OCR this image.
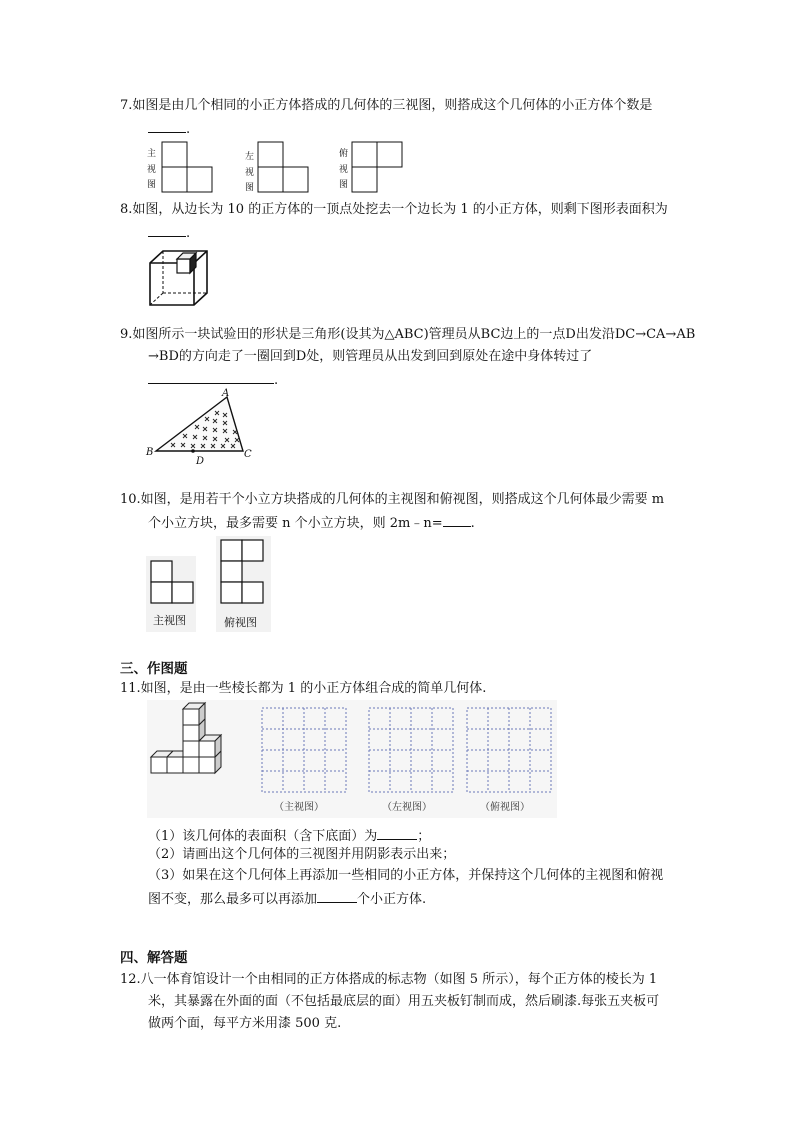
7.如图是由几个相同的小正方体搭成的几何体的三视图，则搭成这个几何体的小正方体个数是
.
主
视
图
左
视
图
俯
视
图
8.如图，从边长为 10 的正方体的一顶点处挖去一个边长为 1 的小正方体，则剩下图形表面积为
.
9.如图所示一块试验田的形状是三角形(设其为△ABC)管理员从BC边上的一点D出发沿DC→CA→AB
→BD的方向走了一圈回到D处，则管理员从出发到回到原处在途中身体转过了
.
A
B	C
D
10.如图，是用若干个小立方块搭成的几何体的主视图和俯视图，则搭成这个几何体最少需要 m
个小立方块，最多需要 n 个小立方块，则 2m﹣n= .
主视图	俯视图
三、作图题
11.如图，是由一些棱长都为 1 的小正方体组合成的简单几何体.
（主视图）	（左视图）	（俯视图）
（1）该几何体的表面积（含下底面）为	；
（2）请画出这个几何体的三视图并用阴影表示出来；
（3）如果在这个几何体上再添加一些相同的小正方体，并保持这个几何体的主视图和俯视
图不变，那么最多可以再添加	个小正方体.
四、解答题
12.八一体育馆设计一个由相同的正方体搭成的标志物（如图 5 所示），每个正方体的棱长为 1
米，其暴露在外面的面（不包括最底层的面）用五夹板钉制而成，然后刷漆.每张五夹板可
做两个面，每平方米用漆 500 克.
